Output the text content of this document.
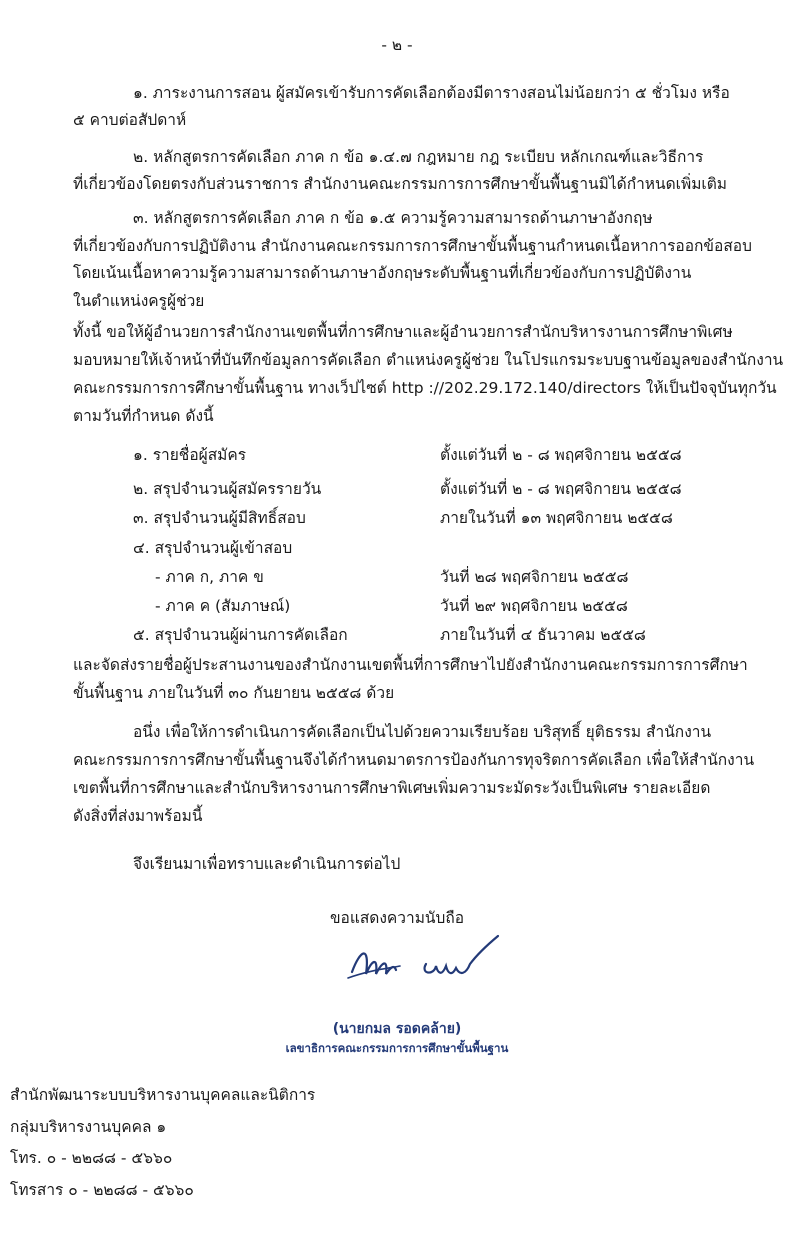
- ๒ -
๑. ภาระงานการสอน ผู้สมัครเข้ารับการคัดเลือกต้องมีตารางสอนไม่น้อยกว่า ๕ ชั่วโมง หรือ
๕ คาบต่อสัปดาห์
๒. หลักสูตรการคัดเลือก ภาค ก ข้อ ๑.๔.๗ กฎหมาย กฎ ระเบียบ หลักเกณฑ์และวิธีการ
ที่เกี่ยวข้องโดยตรงกับส่วนราชการ สำนักงานคณะกรรมการการศึกษาขั้นพื้นฐานมิได้กำหนดเพิ่มเติม
๓. หลักสูตรการคัดเลือก ภาค ก ข้อ ๑.๕ ความรู้ความสามารถด้านภาษาอังกฤษ
ที่เกี่ยวข้องกับการปฏิบัติงาน สำนักงานคณะกรรมการการศึกษาขั้นพื้นฐานกำหนดเนื้อหาการออกข้อสอบ
โดยเน้นเนื้อหาความรู้ความสามารถด้านภาษาอังกฤษระดับพื้นฐานที่เกี่ยวข้องกับการปฏิบัติงาน
ในตำแหน่งครูผู้ช่วย
ทั้งนี้ ขอให้ผู้อำนวยการสำนักงานเขตพื้นที่การศึกษาและผู้อำนวยการสำนักบริหารงานการศึกษาพิเศษ
มอบหมายให้เจ้าหน้าที่บันทึกข้อมูลการคัดเลือก ตำแหน่งครูผู้ช่วย ในโปรแกรมระบบฐานข้อมูลของสำนักงาน
คณะกรรมการการศึกษาขั้นพื้นฐาน ทางเว็ปไซต์ http ://202.29.172.140/directors ให้เป็นปัจจุบันทุกวัน
ตามวันที่กำหนด ดังนี้
๑. รายชื่อผู้สมัคร	ตั้งแต่วันที่ ๒ - ๘ พฤศจิกายน ๒๕๕๘
๒. สรุปจำนวนผู้สมัครรายวัน	ตั้งแต่วันที่ ๒ - ๘ พฤศจิกายน ๒๕๕๘
๓. สรุปจำนวนผู้มีสิทธิ์สอบ	ภายในวันที่ ๑๓ พฤศจิกายน ๒๕๕๘
๔. สรุปจำนวนผู้เข้าสอบ
- ภาค ก, ภาค ข	วันที่ ๒๘ พฤศจิกายน ๒๕๕๘
- ภาค ค (สัมภาษณ์)	วันที่ ๒๙ พฤศจิกายน ๒๕๕๘
๕. สรุปจำนวนผู้ผ่านการคัดเลือก	ภายในวันที่ ๔ ธันวาคม ๒๕๕๘
และจัดส่งรายชื่อผู้ประสานงานของสำนักงานเขตพื้นที่การศึกษาไปยังสำนักงานคณะกรรมการการศึกษา
ขั้นพื้นฐาน ภายในวันที่ ๓๐ กันยายน ๒๕๕๘ ด้วย
อนึ่ง เพื่อให้การดำเนินการคัดเลือกเป็นไปด้วยความเรียบร้อย บริสุทธิ์ ยุติธรรม สำนักงาน
คณะกรรมการการศึกษาขั้นพื้นฐานจึงได้กำหนดมาตรการป้องกันการทุจริตการคัดเลือก เพื่อให้สำนักงาน
เขตพื้นที่การศึกษาและสำนักบริหารงานการศึกษาพิเศษเพิ่มความระมัดระวังเป็นพิเศษ รายละเอียด
ดังสิ่งที่ส่งมาพร้อมนี้
จึงเรียนมาเพื่อทราบและดำเนินการต่อไป
ขอแสดงความนับถือ
(นายกมล รอดคล้าย)
เลขาธิการคณะกรรมการการศึกษาขั้นพื้นฐาน
สำนักพัฒนาระบบบริหารงานบุคคลและนิติการ
กลุ่มบริหารงานบุคคล ๑
โทร. ๐ - ๒๒๘๘ - ๕๖๖๐
โทรสาร ๐ - ๒๒๘๘ - ๕๖๖๐
